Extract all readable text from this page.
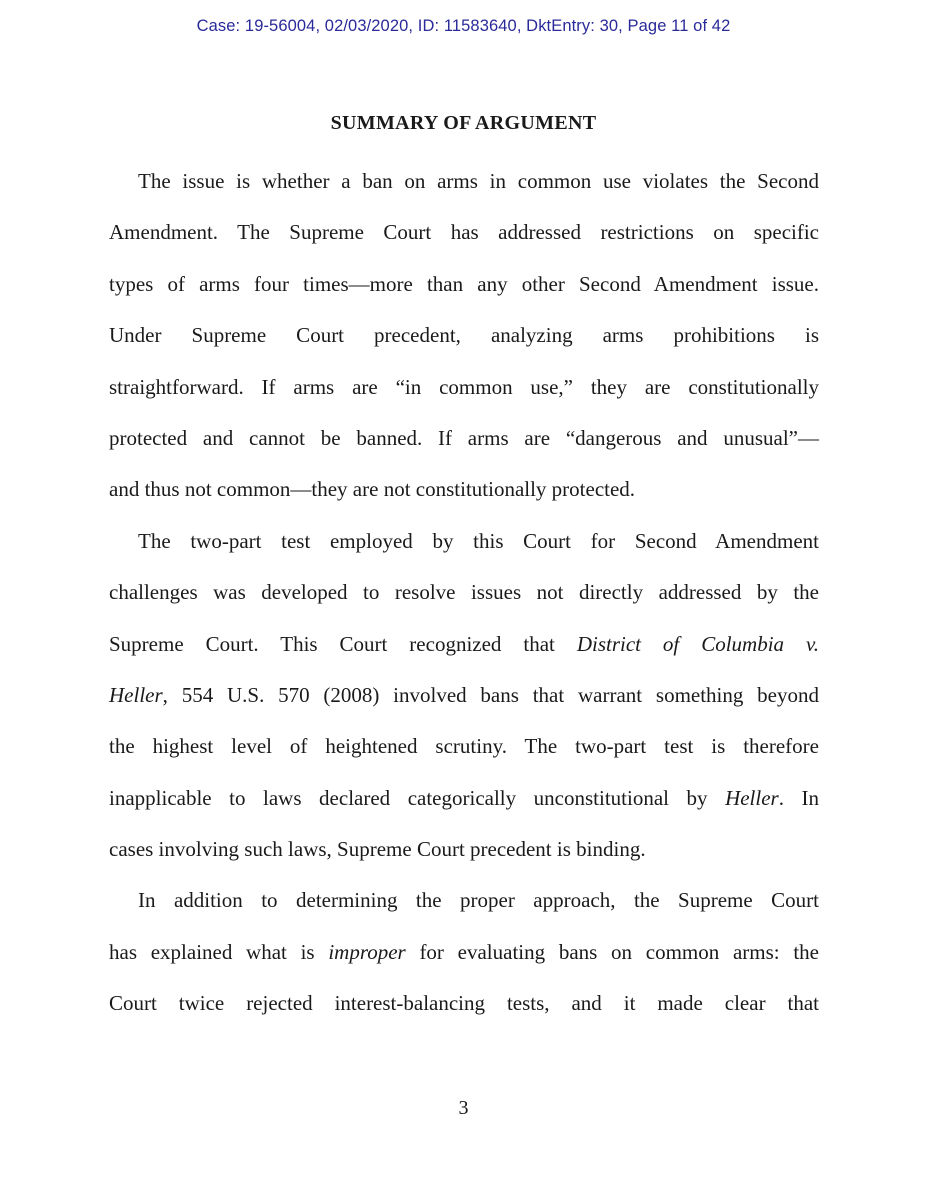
Case: 19-56004, 02/03/2020, ID: 11583640, DktEntry: 30, Page 11 of 42
SUMMARY OF ARGUMENT
The issue is whether a ban on arms in common use violates the Second
Amendment. The Supreme Court has addressed restrictions on specific
types of arms four times—more than any other Second Amendment issue.
Under Supreme Court precedent, analyzing arms prohibitions is
straightforward. If arms are “in common use,” they are constitutionally
protected and cannot be banned. If arms are “dangerous and unusual”—
and thus not common—they are not constitutionally protected.
The two-part test employed by this Court for Second Amendment
challenges was developed to resolve issues not directly addressed by the
Supreme Court. This Court recognized that District of Columbia v.
Heller, 554 U.S. 570 (2008) involved bans that warrant something beyond
the highest level of heightened scrutiny. The two-part test is therefore
inapplicable to laws declared categorically unconstitutional by Heller. In
cases involving such laws, Supreme Court precedent is binding.
In addition to determining the proper approach, the Supreme Court
has explained what is improper for evaluating bans on common arms: the
Court twice rejected interest-balancing tests, and it made clear that
3
